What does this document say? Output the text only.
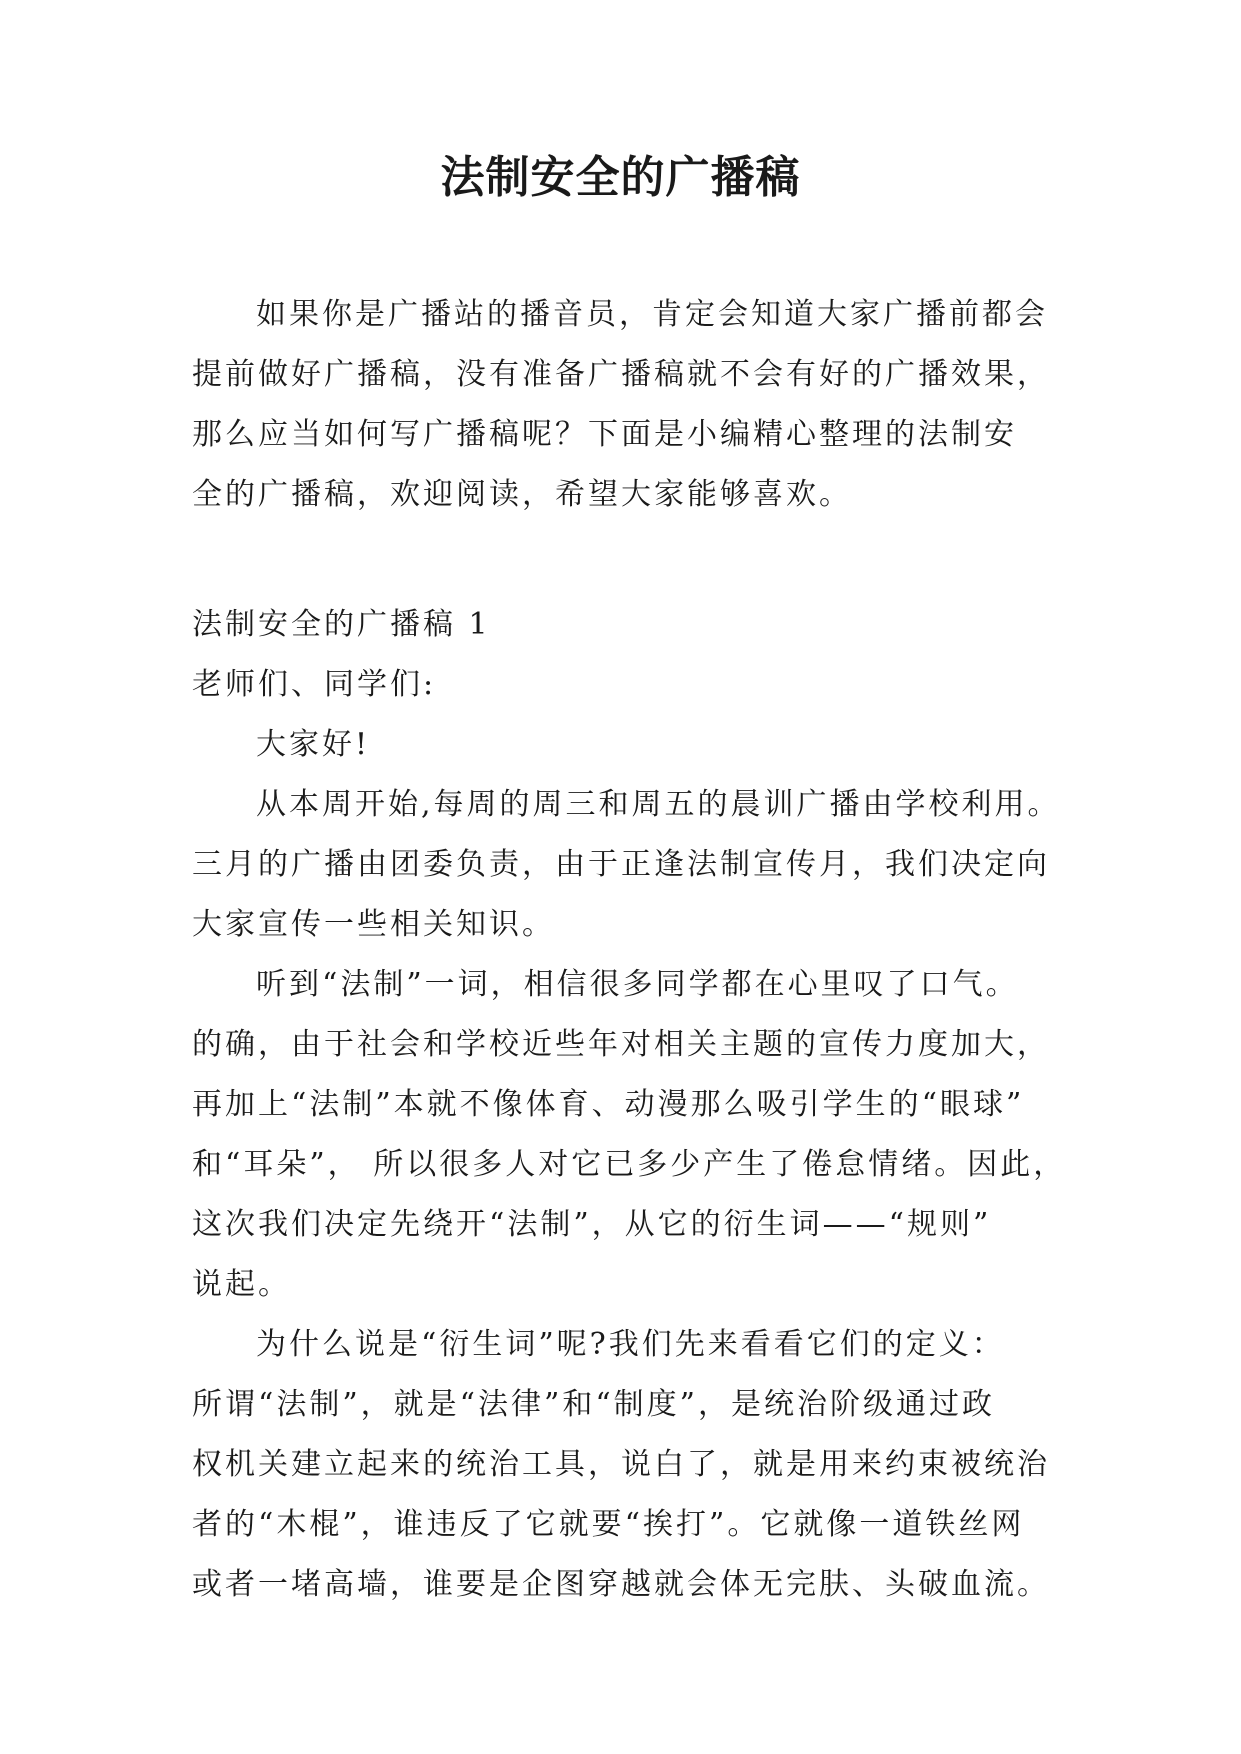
法制安全的广播稿
如果你是广播站的播音员，肯定会知道大家广播前都会
提前做好广播稿，没有准备广播稿就不会有好的广播效果，
那么应当如何写广播稿呢？下面是小编精心整理的法制安
全的广播稿，欢迎阅读，希望大家能够喜欢。
法制安全的广播稿 1
老师们、同学们:
大家好!
从本周开始,每周的周三和周五的晨训广播由学校利用。
三月的广播由团委负责，由于正逢法制宣传月，我们决定向
大家宣传一些相关知识。
听到“法制”一词，相信很多同学都在心里叹了口气。
的确，由于社会和学校近些年对相关主题的宣传力度加大，
再加上“法制”本就不像体育、动漫那么吸引学生的“眼球”
和“耳朵”， 所以很多人对它已多少产生了倦怠情绪。因此，
这次我们决定先绕开“法制”，从它的衍生词——“规则”
说起。
为什么说是“衍生词”呢?我们先来看看它们的定义：
所谓“法制”，就是“法律”和“制度”，是统治阶级通过政
权机关建立起来的统治工具，说白了，就是用来约束被统治
者的“木棍”，谁违反了它就要“挨打”。它就像一道铁丝网
或者一堵高墙，谁要是企图穿越就会体无完肤、头破血流。
